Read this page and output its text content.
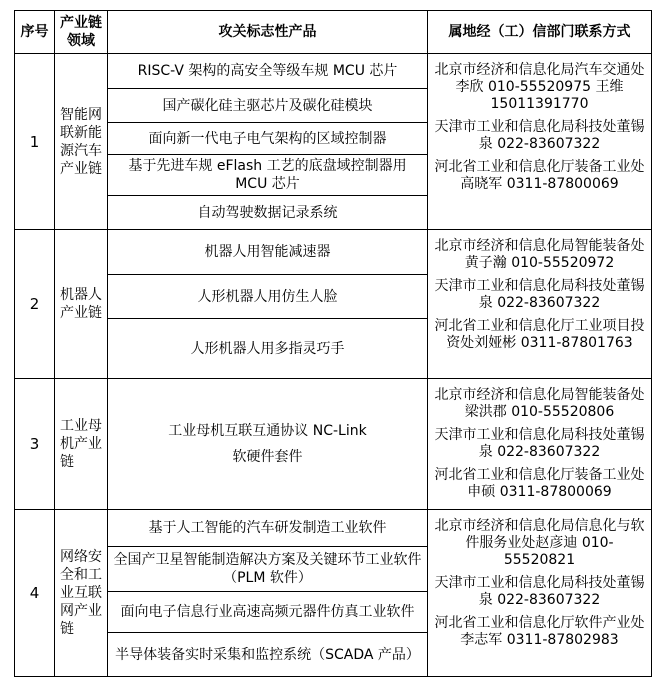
序号	产业链领域	攻关标志性产品	属地经（工）信部门联系方式
1	智能网联新能源汽车产业链	RISC-V 架构的高安全等级车规 MCU 芯片	北京市经济和信息化局汽车交通处李欣 010-55520975 王维 15011391770
天津市工业和信息化局科技处董锡泉 022-83607322
河北省工业和信息化厅装备工业处高晓军 0311-87800069

		国产碳化硅主驱芯片及碳化硅模块	
		面向新一代电子电气架构的区域控制器	
		基于先进车规 eFlash 工艺的底盘域控制器用 MCU 芯片	
		自动驾驶数据记录系统	
2	机器人产业链	机器人用智能减速器	北京市经济和信息化局智能装备处黄子瀚 010-55520972
天津市工业和信息化局科技处董锡泉 022-83607322
河北省工业和信息化厅工业项目投资处刘娅彬 0311-87801763

		人形机器人用仿生人脸	
		人形机器人用多指灵巧手	
3	工业母机产业链	工业母机互联互通协议 NC-Link 软硬件套件	北京市经济和信息化局智能装备处梁洪郡 010-55520806
天津市工业和信息化局科技处董锡泉 022-83607322
河北省工业和信息化厅装备工业处申硕 0311-87800069

4	网络安全和工业互联网产业链	基于人工智能的汽车研发制造工业软件	北京市经济和信息化局信息化与软件服务业处赵彦迪 010-55520821
天津市工业和信息化局科技处董锡泉 022-83607322
河北省工业和信息化厅软件产业处李志军 0311-87802983

		全国产卫星智能制造解决方案及关键环节工业软件（PLM 软件）	
		面向电子信息行业高速高频元器件仿真工业软件	
		半导体装备实时采集和监控系统（SCADA 产品）	
